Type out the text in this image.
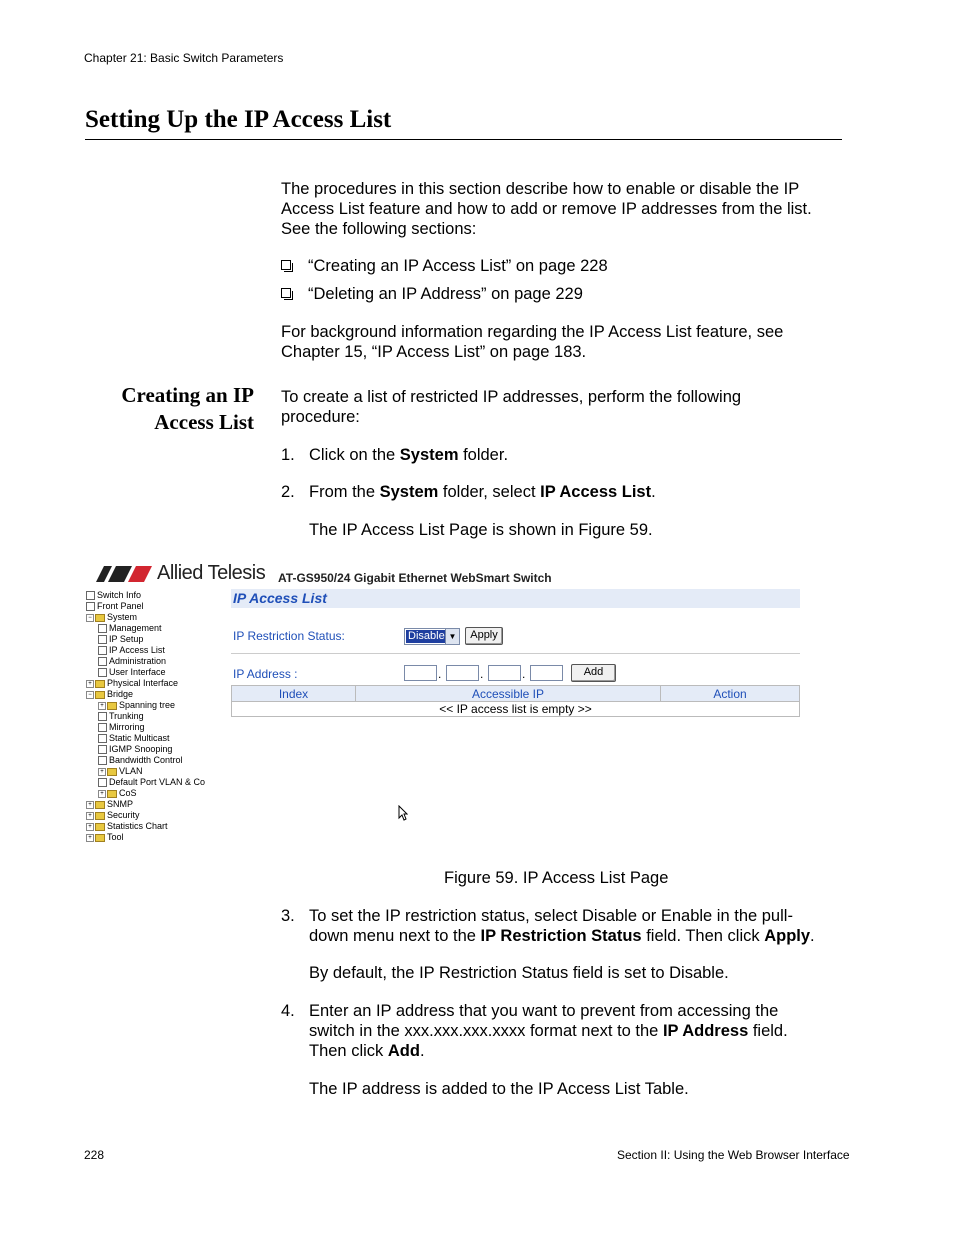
Chapter 21: Basic Switch Parameters
Setting Up the IP Access List
The procedures in this section describe how to enable or disable the IP
Access List feature and how to add or remove IP addresses from the list.
See the following sections:
“Creating an IP Access List” on page 228
“Deleting an IP Address” on page 229
For background information regarding the IP Access List feature, see
Chapter 15, “IP Access List” on page 183.
Creating an IP
Access List
To create a list of restricted IP addresses, perform the following
procedure:
1. Click on the System folder.
2. From the System folder, select IP Access List.
The IP Access List Page is shown in Figure 59.
Allied Telesis AT-GS950/24 Gigabit Ethernet WebSmart Switch
Switch Info
Front Panel
− System
Management
IP Setup
IP Access List
Administration
User Interface
+ Physical Interface
− Bridge
+ Spanning tree
Trunking
Mirroring
Static Multicast
IGMP Snooping
Bandwidth Control
+ VLAN
Default Port VLAN & Co
+ CoS
+ SNMP
+ Security
+ Statistics Chart
+ Tool
IP Access List
IP Restriction Status:	Disable ▼	Apply
IP Address :	.	.	.	Add
Index	Accessible IP	Action
<< IP access list is empty >>
Figure 59. IP Access List Page
3. To set the IP restriction status, select Disable or Enable in the pull-
down menu next to the IP Restriction Status field. Then click Apply.
By default, the IP Restriction Status field is set to Disable.
4. Enter an IP address that you want to prevent from accessing the
switch in the xxx.xxx.xxx.xxxx format next to the IP Address field.
Then click Add.
The IP address is added to the IP Access List Table.
228	Section II: Using the Web Browser Interface
